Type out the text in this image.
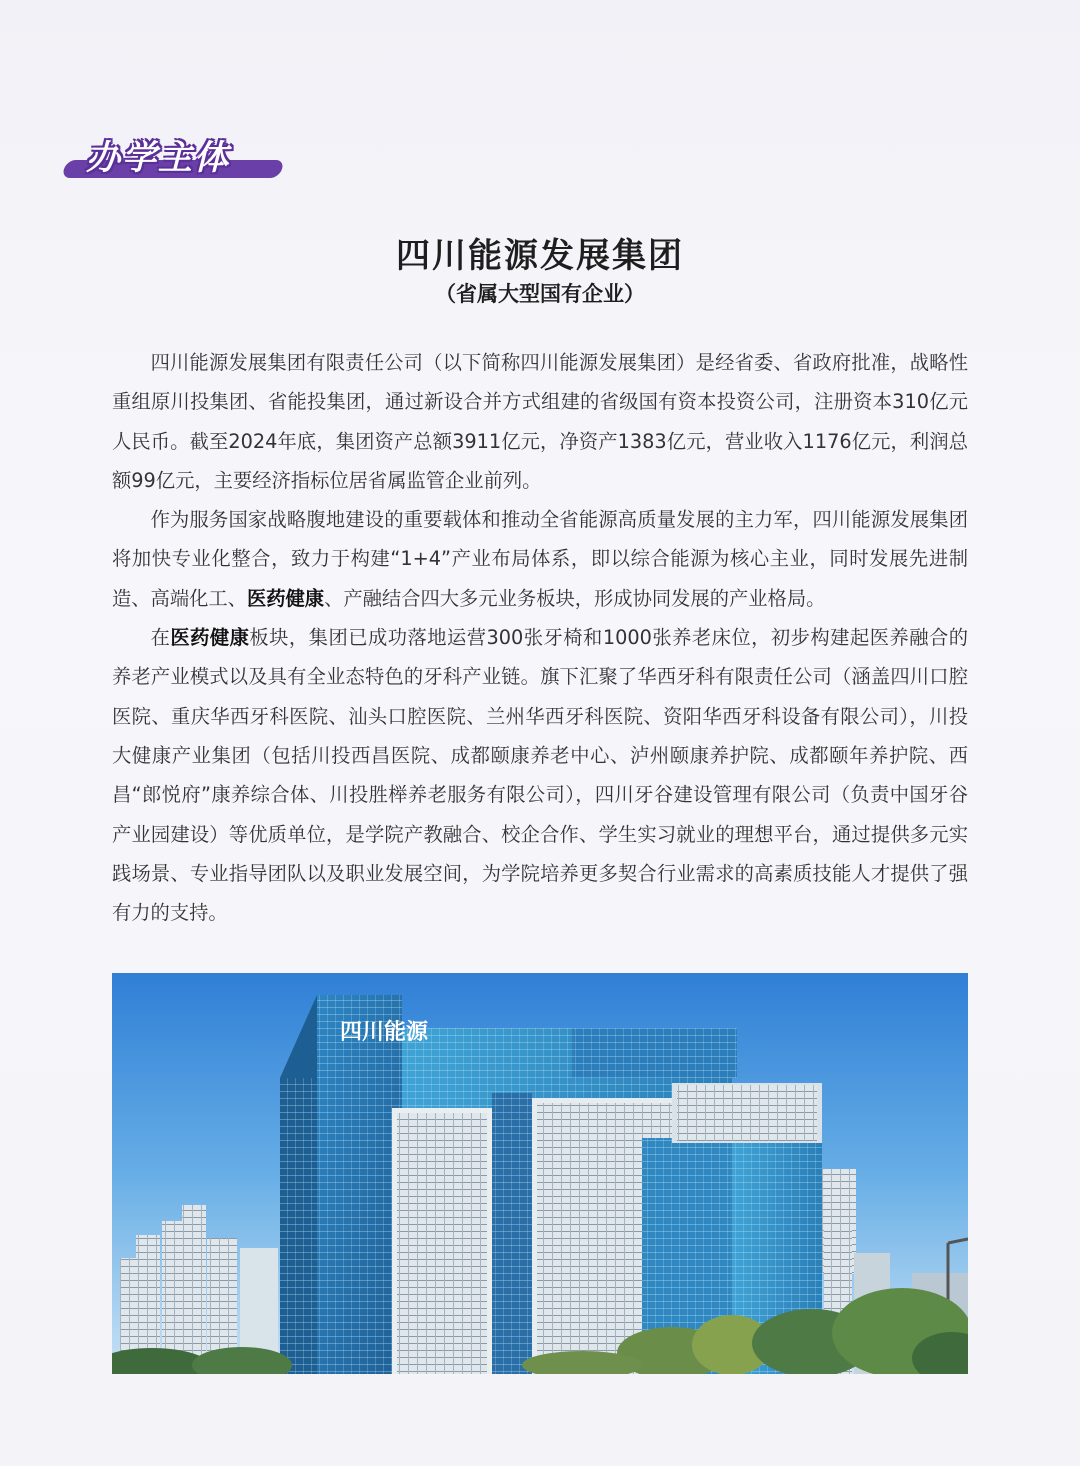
办学主体
四川能源发展集团
（省属大型国有企业）

四川能源发展集团有限责任公司（以下简称四川能源发展集团）是经省委、省政府批准，战略性重组原川投集团、省能投集团，通过新设合并方式组建的省级国有资本投资公司，注册资本310亿元人民币。截至2024年底，集团资产总额3911亿元，净资产1383亿元，营业收入1176亿元，利润总额99亿元，主要经济指标位居省属监管企业前列。

作为服务国家战略腹地建设的重要载体和推动全省能源高质量发展的主力军，四川能源发展集团将加快专业化整合，致力于构建“1+4”产业布局体系，即以综合能源为核心主业，同时发展先进制造、高端化工、医药健康、产融结合四大多元业务板块，形成协同发展的产业格局。

在医药健康板块，集团已成功落地运营300张牙椅和1000张养老床位，初步构建起医养融合的养老产业模式以及具有全业态特色的牙科产业链。旗下汇聚了华西牙科有限责任公司（涵盖四川口腔医院、重庆华西牙科医院、汕头口腔医院、兰州华西牙科医院、资阳华西牙科设备有限公司），川投大健康产业集团（包括川投西昌医院、成都颐康养老中心、泸州颐康养护院、成都颐年养护院、西昌“郎悦府”康养综合体、川投胜榉养老服务有限公司），四川牙谷建设管理有限公司（负责中国牙谷产业园建设）等优质单位，是学院产教融合、校企合作、学生实习就业的理想平台，通过提供多元实践场景、专业指导团队以及职业发展空间，为学院培养更多契合行业需求的高素质技能人才提供了强有力的支持。

四川能源
